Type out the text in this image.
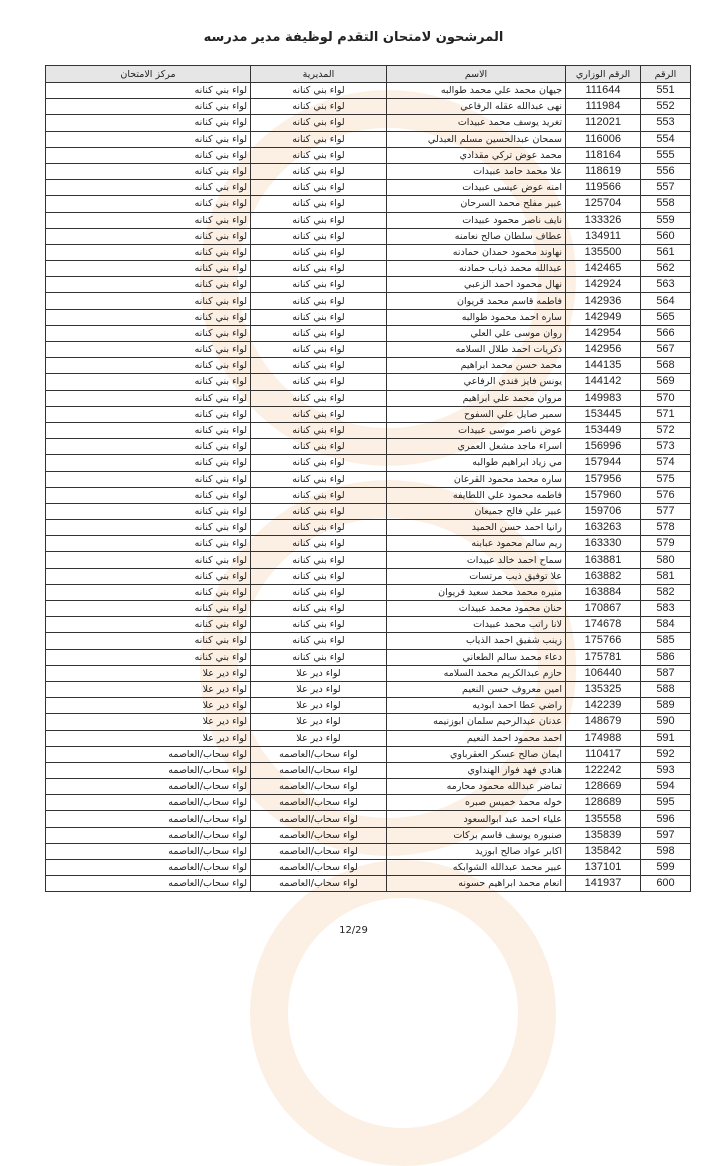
المرشحون لامتحان التقدم لوظيفة مدير مدرسه
الرقم	الرقم الوزاري	الاسم	المديرية	مركز الامتحان
551	111644	جيهان محمد علي محمد طوالبه	لواء بني كنانه	لواء بني كنانه
552	111984	نهى عبدالله عقله الرفاعي	لواء بني كنانه	لواء بني كنانه
553	112021	تغريد يوسف محمد عبيدات	لواء بني كنانه	لواء بني كنانه
554	116006	سمحان عبدالحسين مسلم العبدلي	لواء بني كنانه	لواء بني كنانه
555	118164	محمد عوض تركي مقدادي	لواء بني كنانه	لواء بني كنانه
556	118619	علا محمد حامد عبيدات	لواء بني كنانه	لواء بني كنانه
557	119566	امنه عوض عيسى عبيدات	لواء بني كنانه	لواء بني كنانه
558	125704	عبير مفلح محمد السرحان	لواء بني كنانه	لواء بني كنانه
559	133326	نايف ناصر محمود عبيدات	لواء بني كنانه	لواء بني كنانه
560	134911	عطاف سلطان صالح نعامنه	لواء بني كنانه	لواء بني كنانه
561	135500	نهاوند محمود حمدان حمادنه	لواء بني كنانه	لواء بني كنانه
562	142465	عبدالله محمد ذياب حمادنه	لواء بني كنانه	لواء بني كنانه
563	142924	نهال محمود احمد الزعبي	لواء بني كنانه	لواء بني كنانه
564	142936	فاطمه قاسم محمد قريوان	لواء بني كنانه	لواء بني كنانه
565	142949	ساره احمد محمود طوالبه	لواء بني كنانه	لواء بني كنانه
566	142954	روان موسى علي العلي	لواء بني كنانه	لواء بني كنانه
567	142956	ذكريات احمد طلال السلامه	لواء بني كنانه	لواء بني كنانه
568	144135	محمد حسن محمد ابراهيم	لواء بني كنانه	لواء بني كنانه
569	144142	يونس فايز فندي الرفاعي	لواء بني كنانه	لواء بني كنانه
570	149983	مروان محمد علي ابراهيم	لواء بني كنانه	لواء بني كنانه
571	153445	سمير صايل علي السفوح	لواء بني كنانه	لواء بني كنانه
572	153449	عوض ناصر موسى عبيدات	لواء بني كنانه	لواء بني كنانه
573	156996	اسراء ماجد مشعل العمري	لواء بني كنانه	لواء بني كنانه
574	157944	مي زياد ابراهيم طوالبه	لواء بني كنانه	لواء بني كنانه
575	157956	ساره محمد محمود القرعان	لواء بني كنانه	لواء بني كنانه
576	157960	فاطمه محمود علي اللطايفه	لواء بني كنانه	لواء بني كنانه
577	159706	عبير علي فالح جميعان	لواء بني كنانه	لواء بني كنانه
578	163263	رانيا احمد حسن الحميد	لواء بني كنانه	لواء بني كنانه
579	163330	ريم سالم محمود عبابنه	لواء بني كنانه	لواء بني كنانه
580	163881	سماح احمد خالد عبيدات	لواء بني كنانه	لواء بني كنانه
581	163882	علا توفيق ذيب مرتسات	لواء بني كنانه	لواء بني كنانه
582	163884	منيره محمد محمد سعيد قريوان	لواء بني كنانه	لواء بني كنانه
583	170867	حنان محمود محمد عبيدات	لواء بني كنانه	لواء بني كنانه
584	174678	لانا راتب محمد عبيدات	لواء بني كنانه	لواء بني كنانه
585	175766	زينب شفيق احمد الذياب	لواء بني كنانه	لواء بني كنانه
586	175781	دعاء محمد سالم الطعاني	لواء بني كنانه	لواء بني كنانه
587	106440	حازم عبدالكريم محمد السلامه	لواء دير علا	لواء دير علا
588	135325	امين معروف حسن النعيم	لواء دير علا	لواء دير علا
589	142239	راضي عطا احمد ابوديه	لواء دير علا	لواء دير علا
590	148679	عدنان عبدالرحيم سلمان ابوزنيمه	لواء دير علا	لواء دير علا
591	174988	احمد محمود احمد النعيم	لواء دير علا	لواء دير علا
592	110417	ايمان صالح عسكر العقرباوي	لواء سحاب/العاصمه	لواء سحاب/العاصمه
593	122242	هنادي فهد فواز الهنداوي	لواء سحاب/العاصمه	لواء سحاب/العاصمه
594	128669	تماضر عبدالله محمود محارمه	لواء سحاب/العاصمه	لواء سحاب/العاصمه
595	128689	خوله محمد خميس صبره	لواء سحاب/العاصمه	لواء سحاب/العاصمه
596	135558	علياء احمد عبد ابوالسعود	لواء سحاب/العاصمه	لواء سحاب/العاصمه
597	135839	صنبوره يوسف قاسم بركات	لواء سحاب/العاصمه	لواء سحاب/العاصمه
598	135842	اكابر عواد صالح ابوزيد	لواء سحاب/العاصمه	لواء سحاب/العاصمه
599	137101	عبير محمد عبدالله الشوابكه	لواء سحاب/العاصمه	لواء سحاب/العاصمه
600	141937	انعام محمد ابراهيم حسونه	لواء سحاب/العاصمه	لواء سحاب/العاصمه
12/29
